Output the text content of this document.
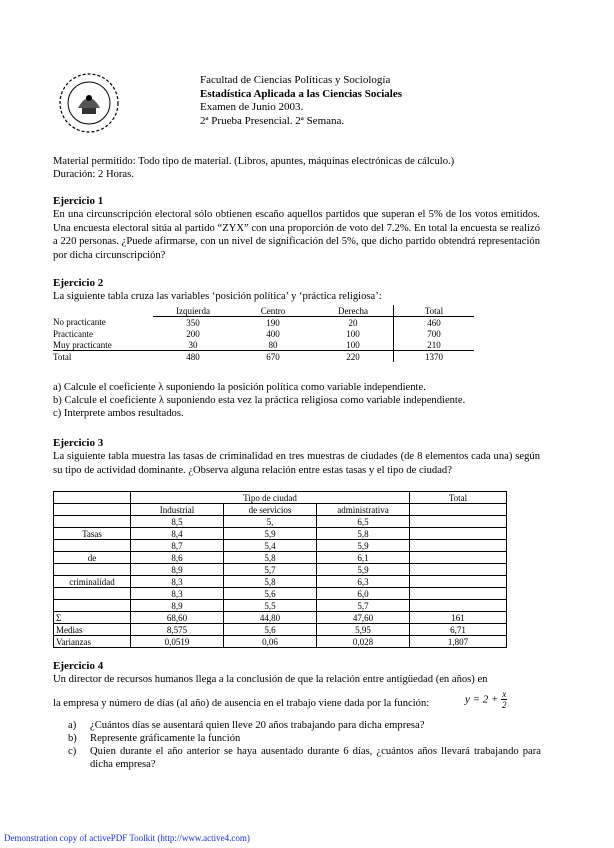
Facultad de Ciencias Políticas y Sociología
Estadística Aplicada a las Ciencias Sociales
Examen de Junio 2003.
2ª Prueba Presencial. 2ª Semana.
Material permitido: Todo tipo de material. (Libros, apuntes, máquinas electrónicas de cálculo.)
Duración: 2 Horas.
Ejercicio 1
En una circunscripción electoral sólo obtienen escaño aquellos partidos que superan el 5% de los votos emitidos. Una encuesta electoral sitúa al partido “ZYX” con una proporción de voto del 7.2%. En total la encuesta se realizó a 220 personas. ¿Puede afirmarse, con un nivel de significación del 5%, que dicho partido obtendrá representación por dicha circunscripción?
Ejercicio 2
La siguiente tabla cruza las variables ‘posición política’ y ‘práctica religiosa’:
	Izquierda	Centro	Derecha	Total
No practicante	350	190	20	460
Practicante	200	400	100	700
Muy practicante	30	80	100	210
Total	480	670	220	1370
a) Calcule el coeficiente λ suponiendo la posición política como variable independiente.
b) Calcule el coeficiente λ suponiendo esta vez la práctica religiosa como variable independiente.
c) Interprete ambos resultados.
Ejercicio 3
La siguiente tabla muestra las tasas de criminalidad en tres muestras de ciudades (de 8 elementos cada una) según su tipo de actividad dominante. ¿Observa alguna relación entre estas tasas y el tipo de ciudad?
	Tipo de ciudad			Total
	Industrial	de servicios	administrativa	
	8,5	5,	6,5	
Tasas	8,4	5,9	5,8	
	8,7	5,4	5,9	
de	8,6	5,8	6,1	
	8,9	5,7	5,9	
criminalidad	8,3	5,8	6,3	
	8,3	5,6	6,0	
	8,9	5,5	5,7	
Σ	68,60	44,80	47,60	161
Medias	8,575	5,6	5,95	6,71
Varianzas	0,0519	0,06	0,028	1,807
Ejercicio 4
Un director de recursos humanos llega a la conclusión de que la relación entre antigüedad (en años) en
la empresa y número de días (al año) de ausencia en el trabajo viene dada por la función:	$y = 2 + \frac{x}{2}$
a) ¿Cuántos días se ausentará quien lleve 20 años trabajando para dicha empresa?
b) Represente gráficamente la función
c) Quien durante el año anterior se haya ausentado durante 6 días, ¿cuántos años llevará trabajando para dicha empresa?
Demonstration copy of activePDF Toolkit (http://www.active4.com)
